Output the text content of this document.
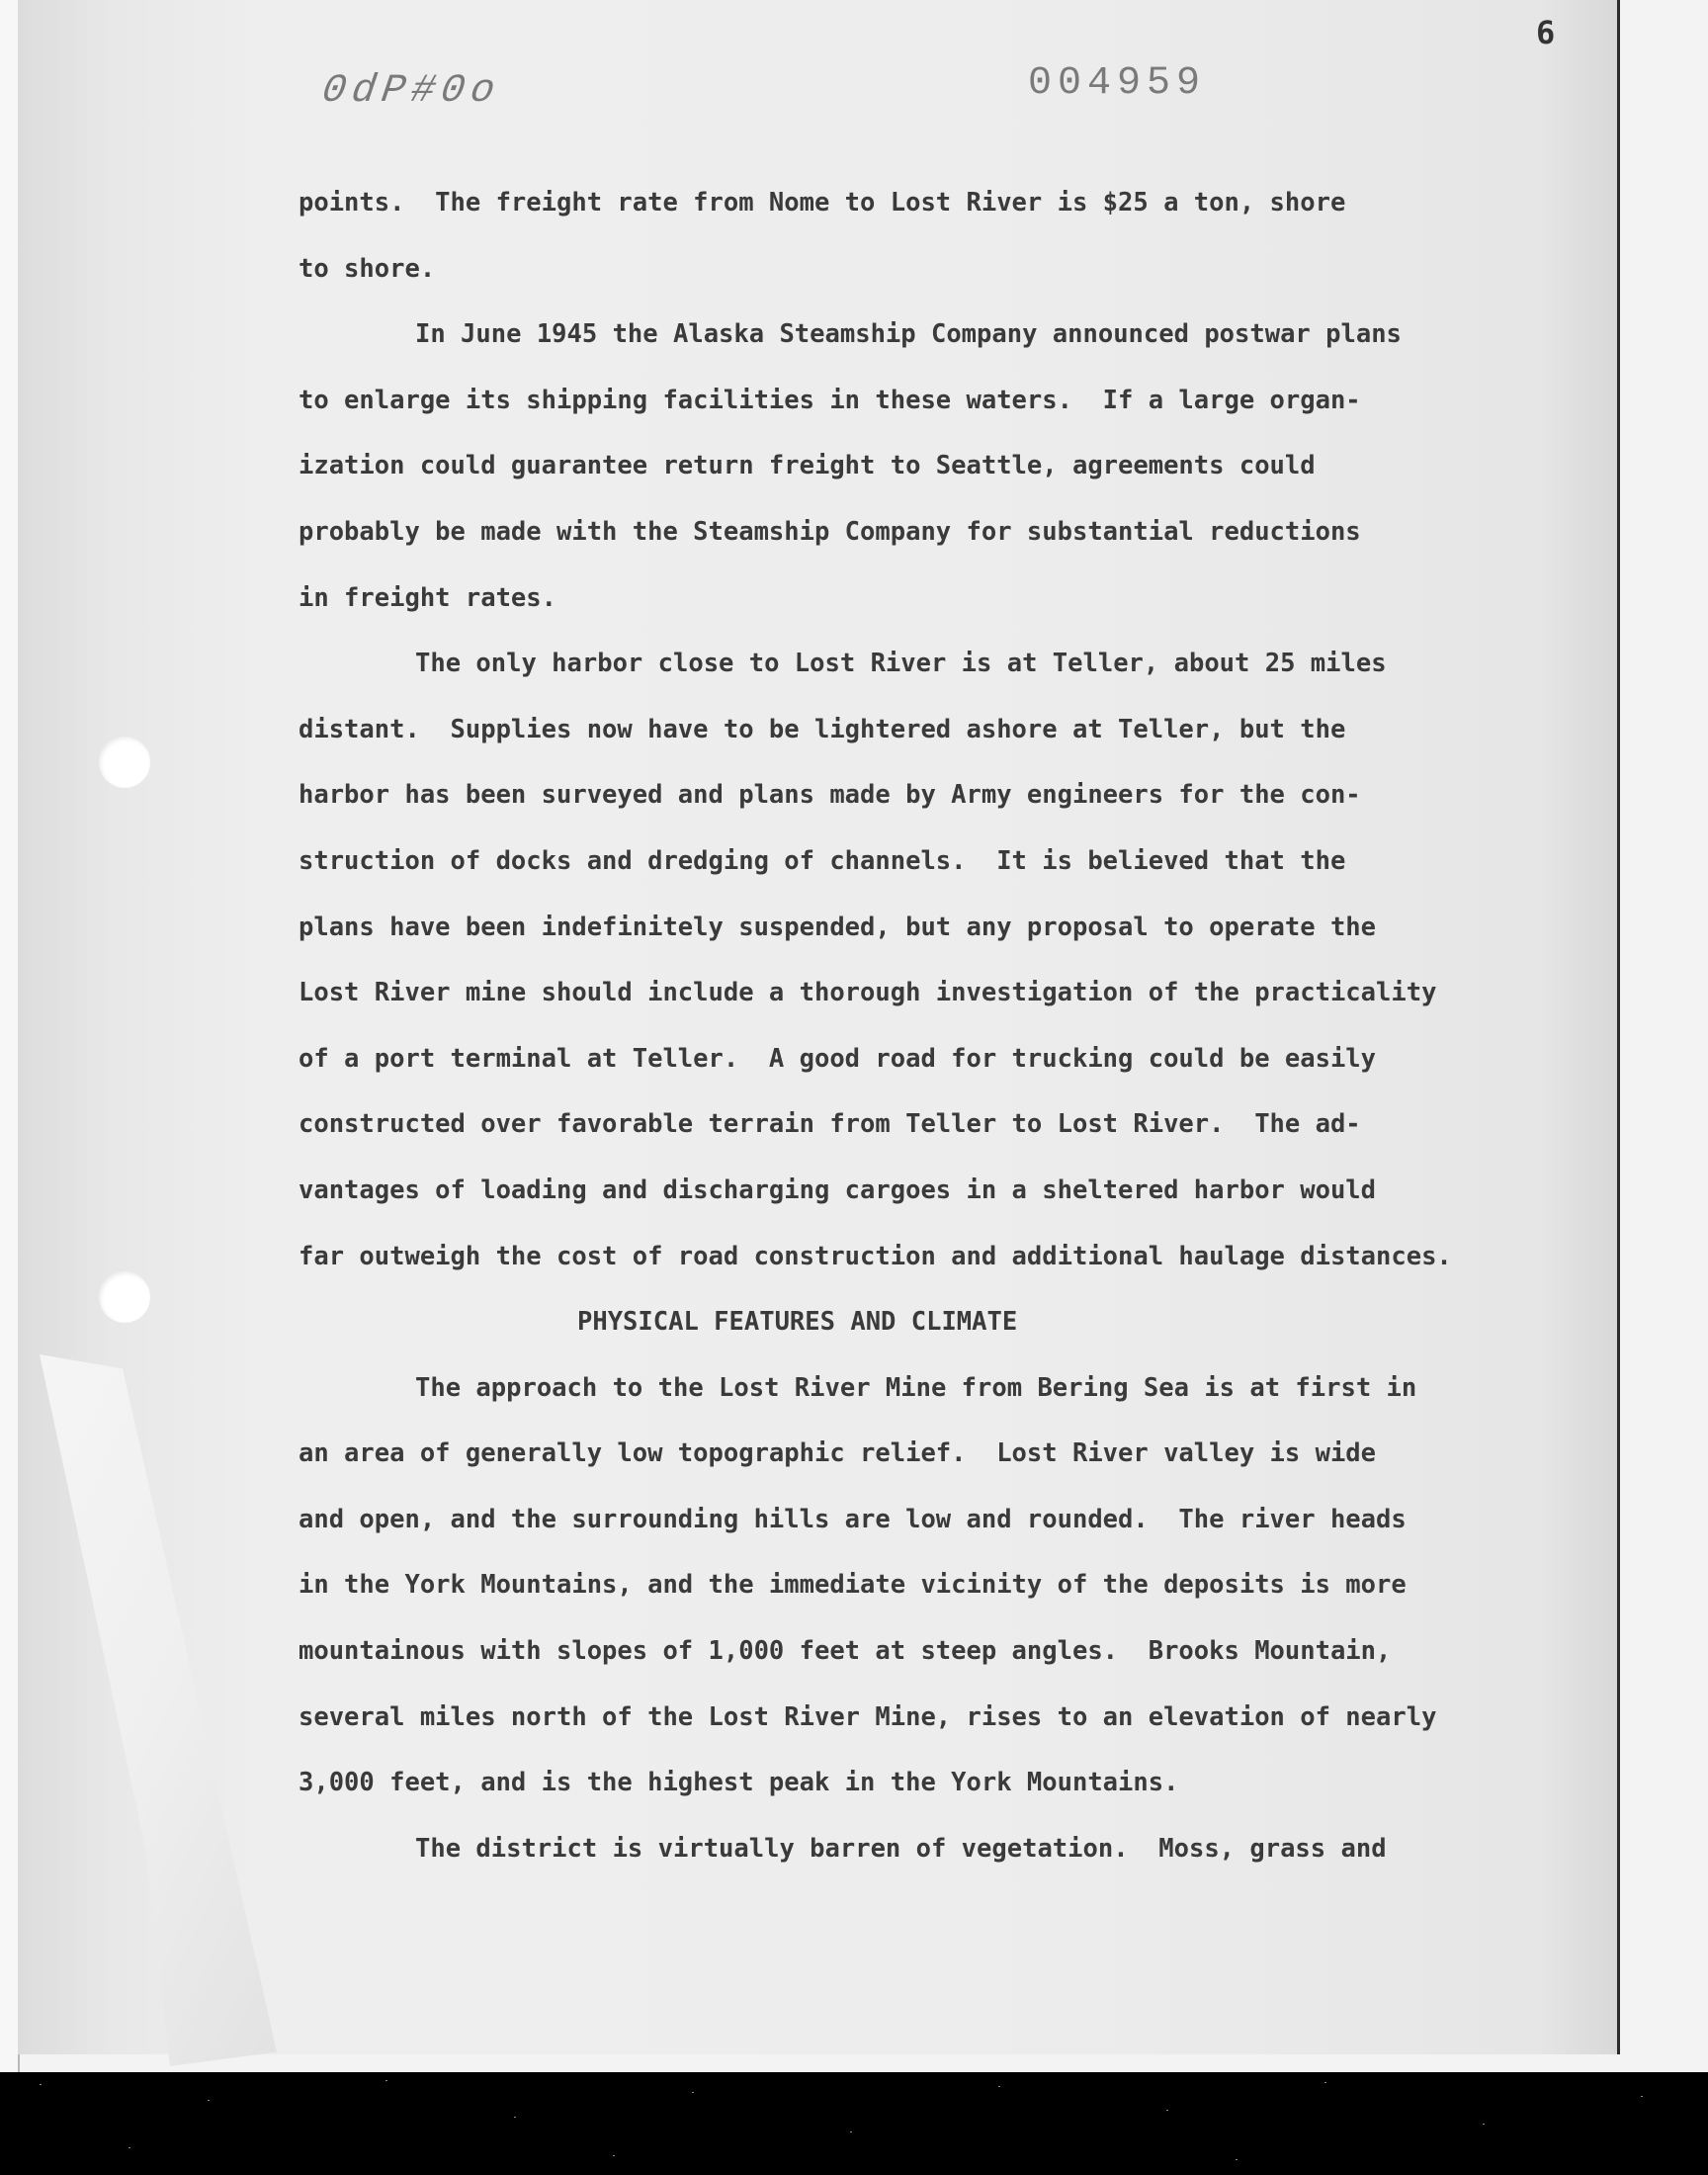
0dP#0o	004959
6
points.  The freight rate from Nome to Lost River is $25 a ton, shore
to shore.
In June 1945 the Alaska Steamship Company announced postwar plans
to enlarge its shipping facilities in these waters.  If a large organ-
ization could guarantee return freight to Seattle, agreements could
probably be made with the Steamship Company for substantial reductions
in freight rates.
The only harbor close to Lost River is at Teller, about 25 miles
distant.  Supplies now have to be lightered ashore at Teller, but the
harbor has been surveyed and plans made by Army engineers for the con-
struction of docks and dredging of channels.  It is believed that the
plans have been indefinitely suspended, but any proposal to operate the
Lost River mine should include a thorough investigation of the practicality
of a port terminal at Teller.  A good road for trucking could be easily
constructed over favorable terrain from Teller to Lost River.  The ad-
vantages of loading and discharging cargoes in a sheltered harbor would
far outweigh the cost of road construction and additional haulage distances.
PHYSICAL FEATURES AND CLIMATE
The approach to the Lost River Mine from Bering Sea is at first in
an area of generally low topographic relief.  Lost River valley is wide
and open, and the surrounding hills are low and rounded.  The river heads
in the York Mountains, and the immediate vicinity of the deposits is more
mountainous with slopes of 1,000 feet at steep angles.  Brooks Mountain,
several miles north of the Lost River Mine, rises to an elevation of nearly
3,000 feet, and is the highest peak in the York Mountains.
The district is virtually barren of vegetation.  Moss, grass and
